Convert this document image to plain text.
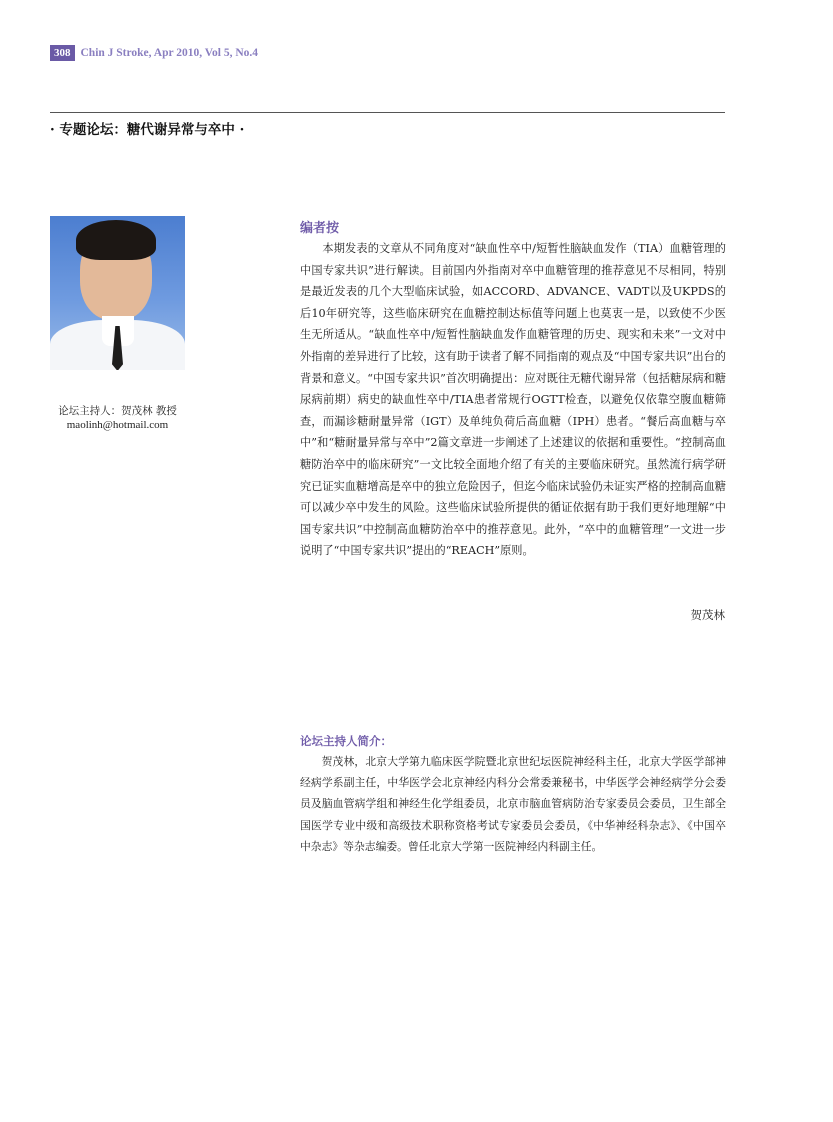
308 Chin J Stroke, Apr 2010, Vol 5, No.4
· 专题论坛：糖代谢异常与卒中 ·
论坛主持人：贺茂林 教授
maolinh@hotmail.com
编者按

本期发表的文章从不同角度对“缺血性卒中/短暂性脑缺血发作（TIA）血糖管理的中国专家共识”进行解读。目前国内外指南对卒中血糖管理的推荐意见不尽相同，特别是最近发表的几个大型临床试验，如ACCORD、ADVANCE、VADT以及UKPDS的后10年研究等，这些临床研究在血糖控制达标值等问题上也莫衷一是，以致使不少医生无所适从。“缺血性卒中/短暂性脑缺血发作血糖管理的历史、现实和未来”一文对中外指南的差异进行了比较，这有助于读者了解不同指南的观点及“中国专家共识”出台的背景和意义。“中国专家共识”首次明确提出：应对既往无糖代谢异常（包括糖尿病和糖尿病前期）病史的缺血性卒中/TIA患者常规行OGTT检查，以避免仅依靠空腹血糖筛查，而漏诊糖耐量异常（IGT）及单纯负荷后高血糖（IPH）患者。“餐后高血糖与卒中”和“糖耐量异常与卒中”2篇文章进一步阐述了上述建议的依据和重要性。“控制高血糖防治卒中的临床研究”一文比较全面地介绍了有关的主要临床研究。虽然流行病学研究已证实血糖增高是卒中的独立危险因子，但迄今临床试验仍未证实严格的控制高血糖可以减少卒中发生的风险。这些临床试验所提供的循证依据有助于我们更好地理解“中国专家共识”中控制高血糖防治卒中的推荐意见。此外，“卒中的血糖管理”一文进一步说明了“中国专家共识”提出的“REACH”原则。

贺茂林
论坛主持人简介：

贺茂林，北京大学第九临床医学院暨北京世纪坛医院神经科主任，北京大学医学部神经病学系副主任，中华医学会北京神经内科分会常委兼秘书，中华医学会神经病学分会委员及脑血管病学组和神经生化学组委员，北京市脑血管病防治专家委员会委员，卫生部全国医学专业中级和高级技术职称资格考试专家委员会委员，《中华神经科杂志》、《中国卒中杂志》等杂志编委。曾任北京大学第一医院神经内科副主任。
